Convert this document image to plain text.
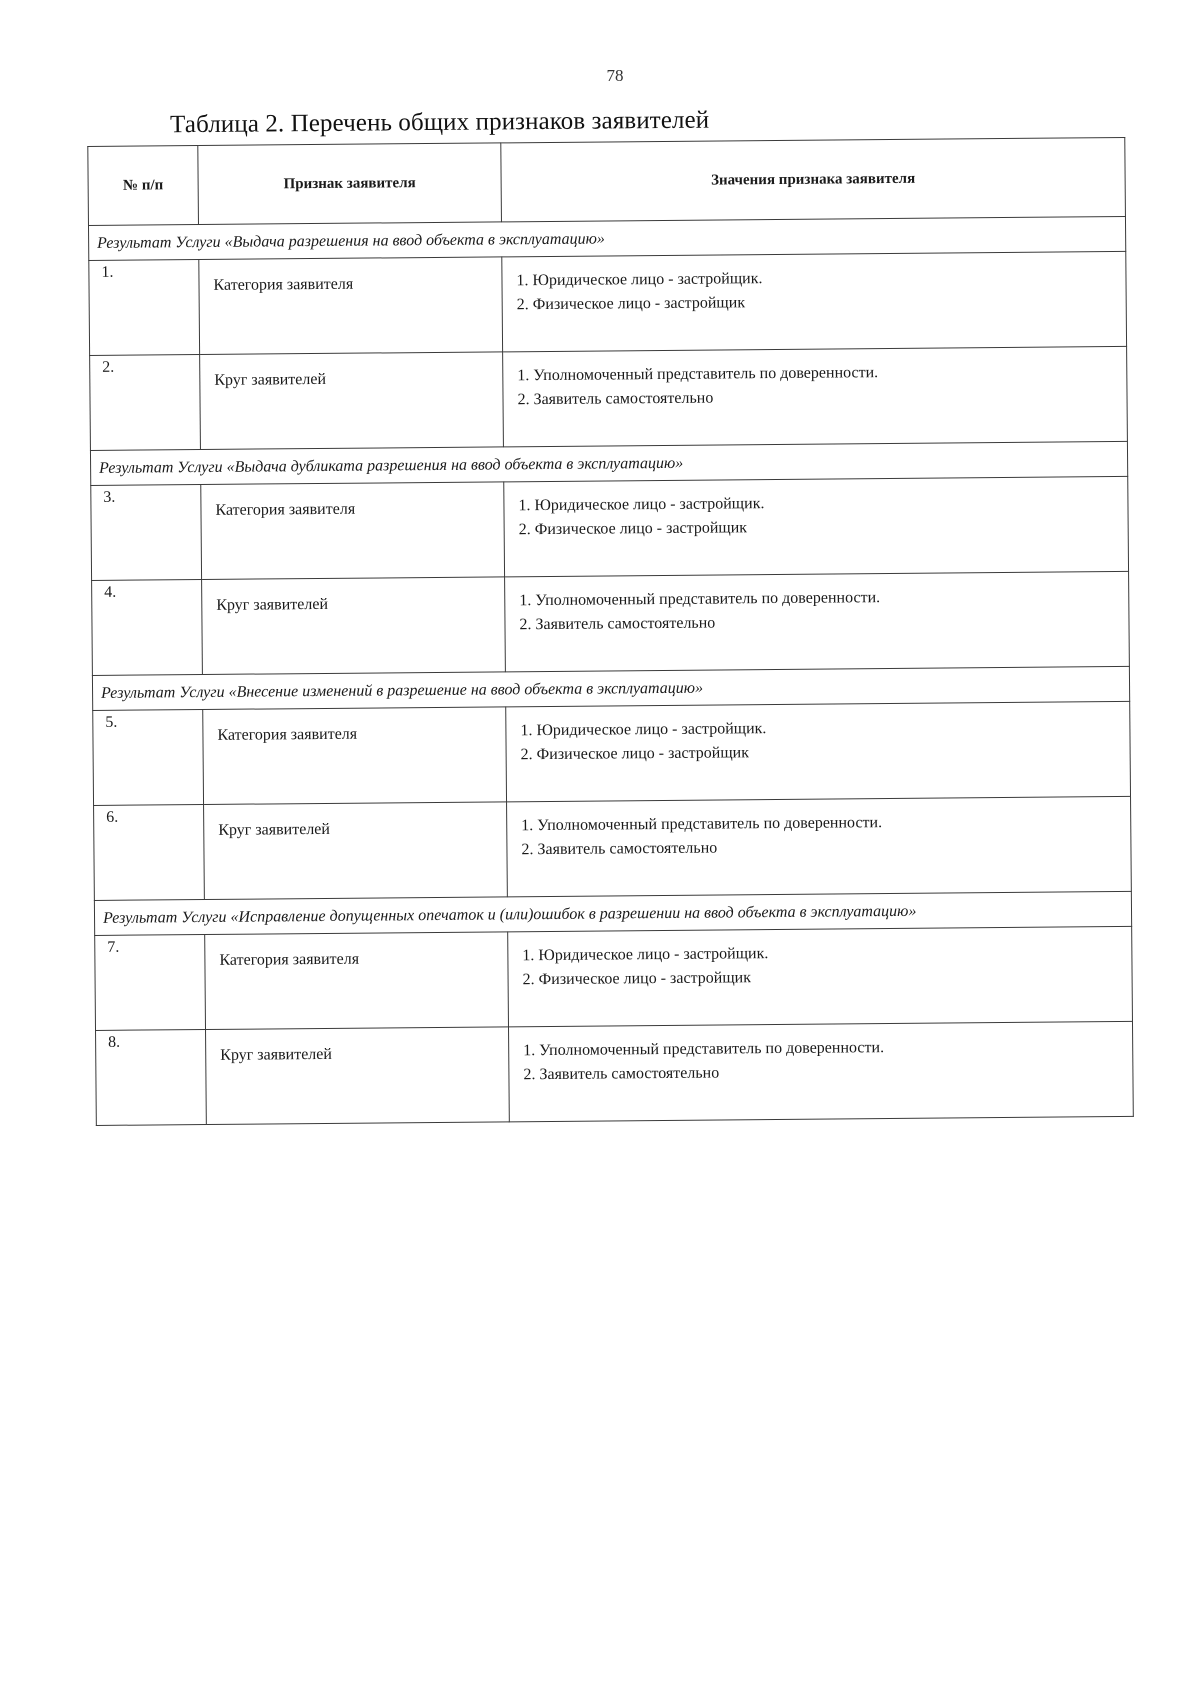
78
Таблица 2. Перечень общих признаков заявителей
№ п/п	Признак заявителя	Значения признака заявителя
Результат Услуги «Выдача разрешения на ввод объекта в эксплуатацию»		
1.	Категория заявителя	1. Юридическое лицо - застройщик.
2. Физическое лицо - застройщик

2.	Круг заявителей	1. Уполномоченный представитель по доверенности.
2. Заявитель самостоятельно

Результат Услуги «Выдача дубликата разрешения на ввод объекта в эксплуатацию»		
3.	Категория заявителя	1. Юридическое лицо - застройщик.
2. Физическое лицо - застройщик

4.	Круг заявителей	1. Уполномоченный представитель по доверенности.
2. Заявитель самостоятельно

Результат Услуги «Внесение изменений в разрешение на ввод объекта в эксплуатацию»		
5.	Категория заявителя	1. Юридическое лицо - застройщик.
2. Физическое лицо - застройщик

6.	Круг заявителей	1. Уполномоченный представитель по доверенности.
2. Заявитель самостоятельно

Результат Услуги «Исправление допущенных опечаток и (или)ошибок в разрешении на ввод объекта в эксплуатацию»		
7.	Категория заявителя	1. Юридическое лицо - застройщик.
2. Физическое лицо - застройщик

8.	Круг заявителей	1. Уполномоченный представитель по доверенности.
2. Заявитель самостоятельно
